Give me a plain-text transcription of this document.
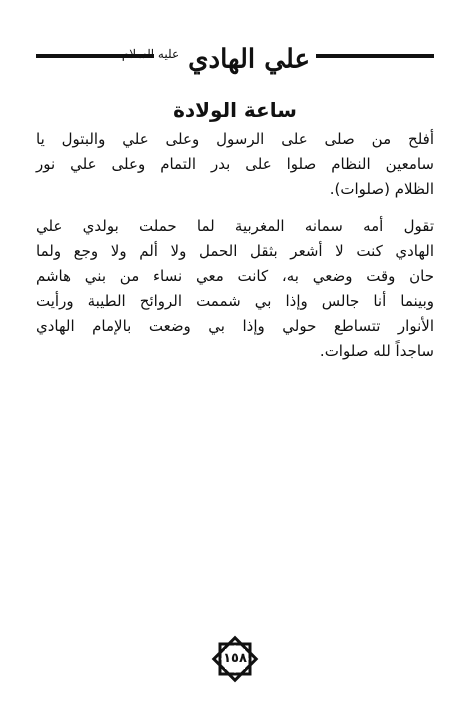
علي الهادي $^{عليه السلام}$
ساعة الولادة

أفلح من صلى على الرسول وعلى علي والبتول يا
سامعين النظام صلوا على بدر التمام وعلى علي نور
الظلام (صلوات).

تقول أمه سمانه المغربية لما حملت بولدي علي
الهادي كنت لا أشعر بثقل الحمل ولا ألم ولا وجع ولما
حان وقت وضعي به، كانت معي نساء من بني هاشم
وبينما أنا جالس وإذا بي شممت الروائح الطيبة ورأيت
الأنوار تتساطع حولي وإذا بي وضعت بالإمام الهادي
ساجداً لله صلوات.

١٥٨
